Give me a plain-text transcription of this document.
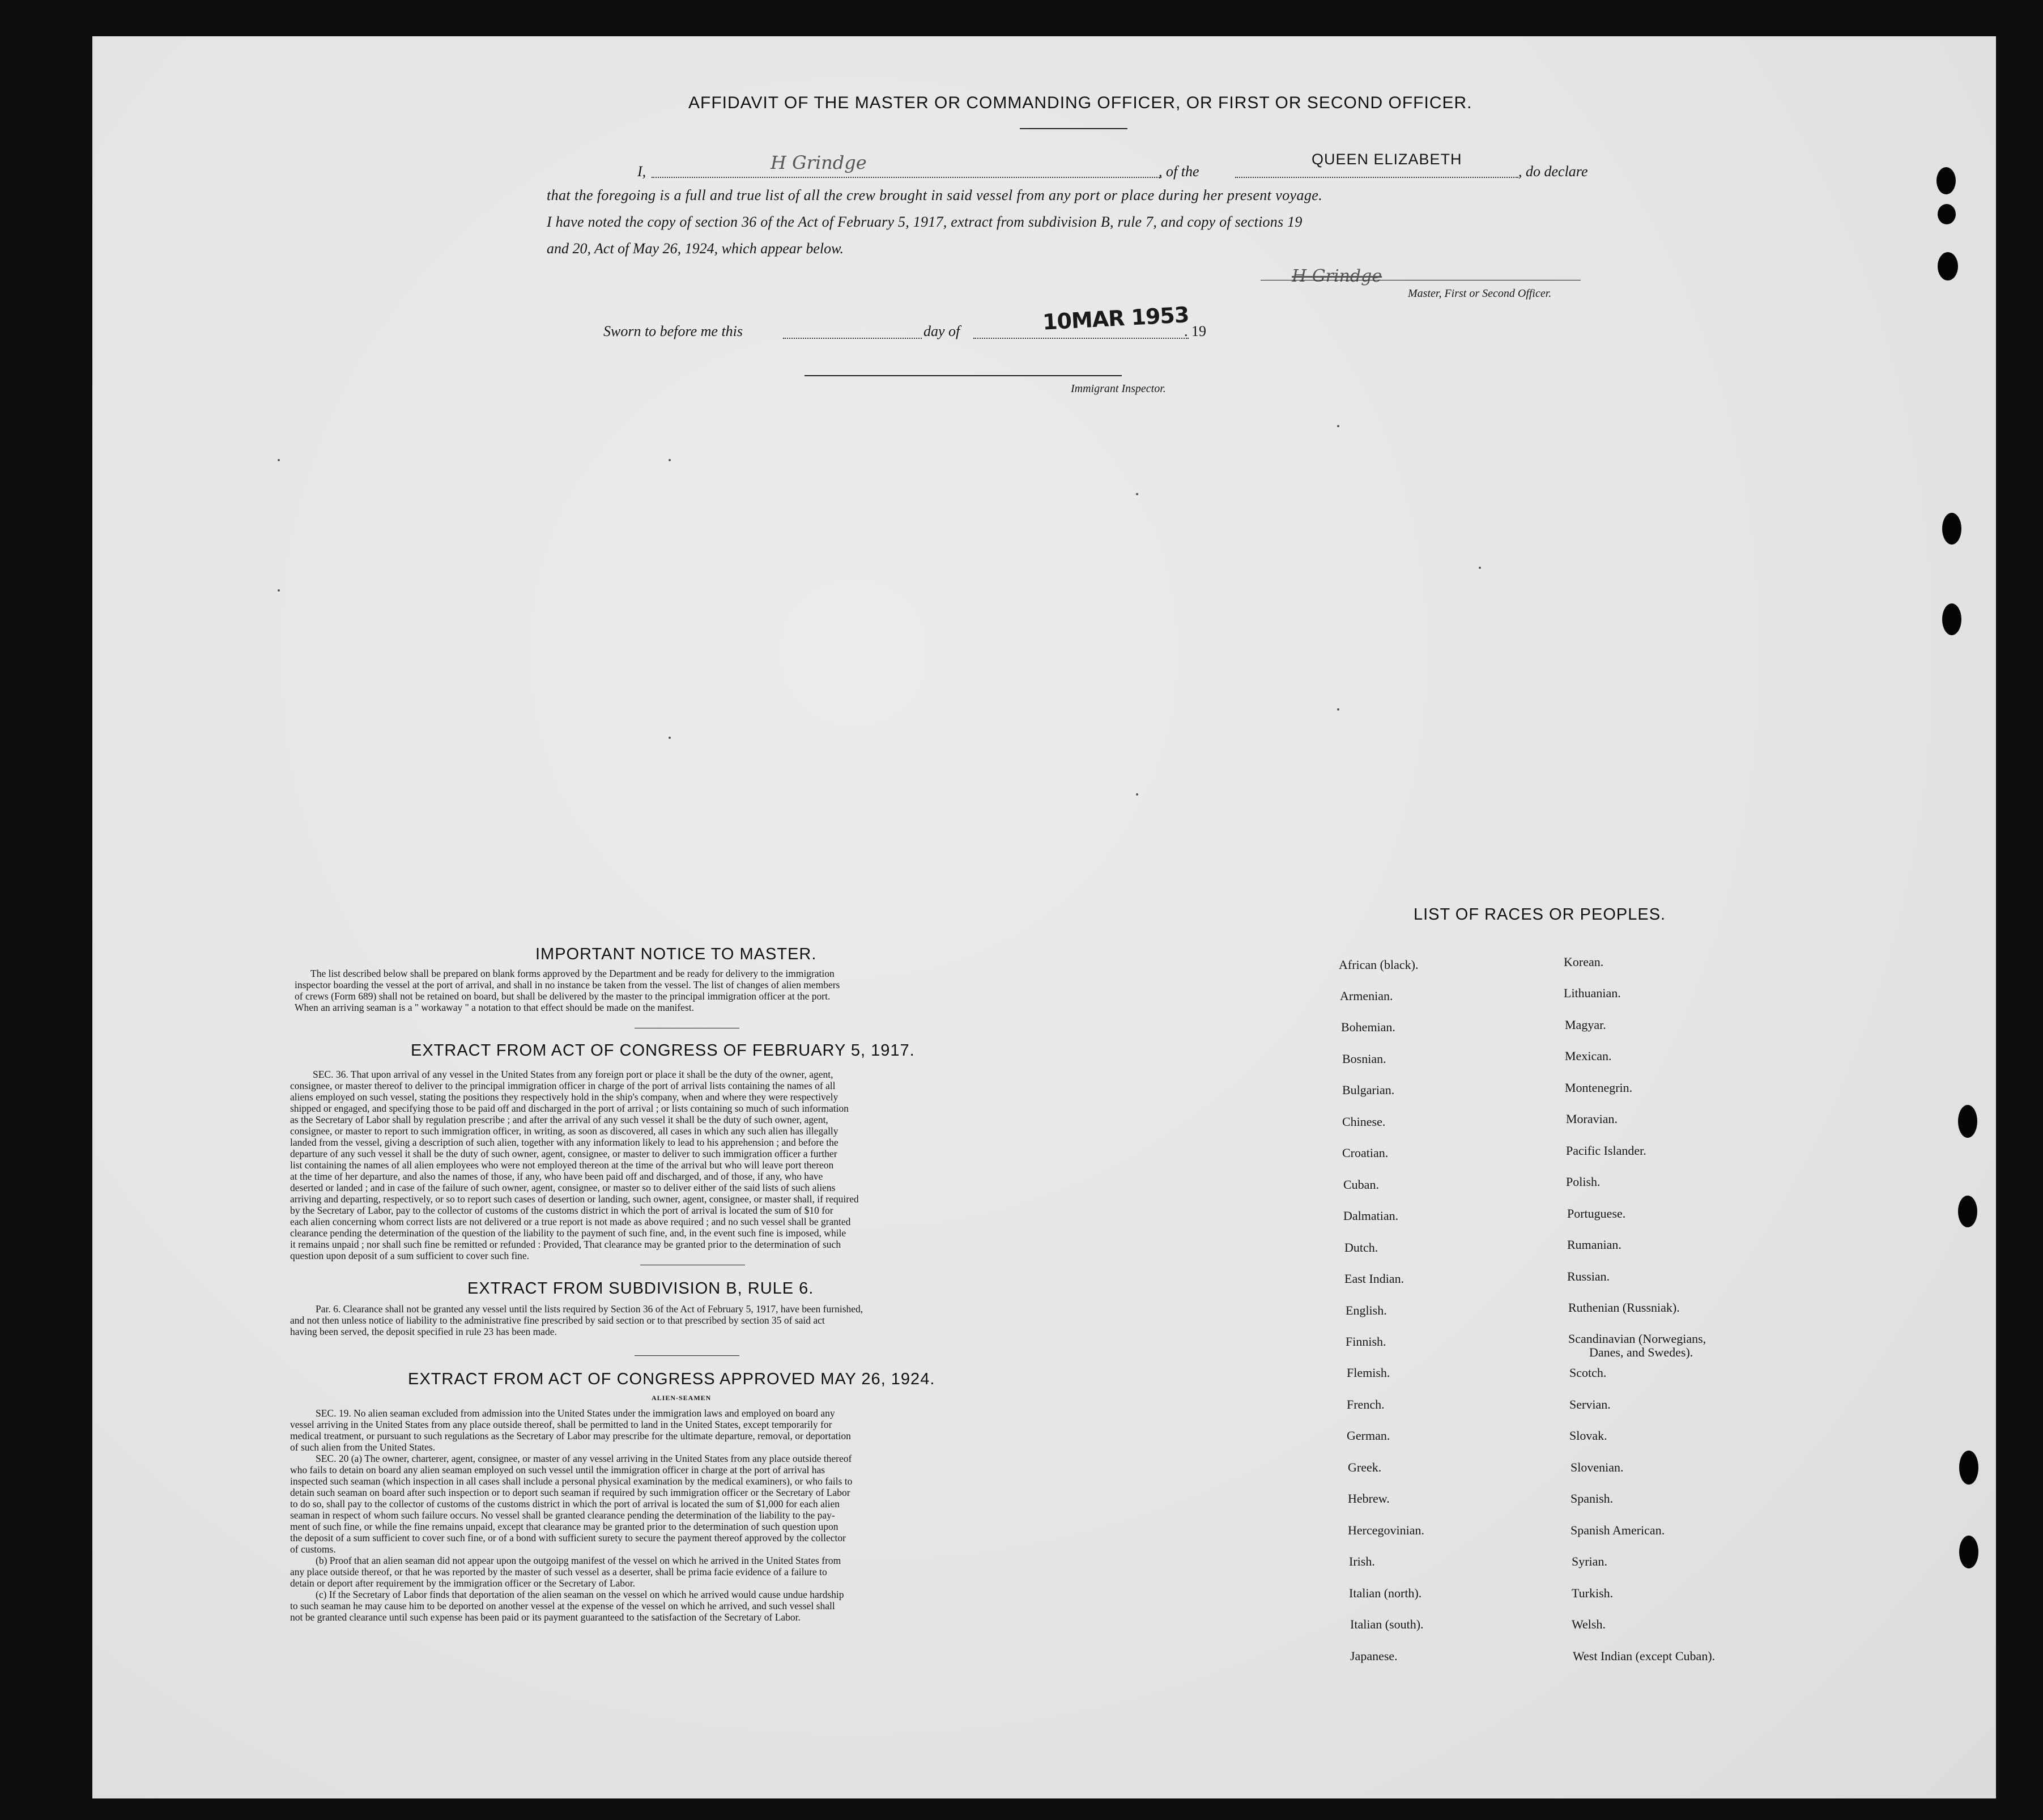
AFFIDAVIT OF THE MASTER OR COMMANDING OFFICER, OR FIRST OR SECOND OFFICER.
I,	H Grindge	, of the
QUEEN ELIZABETH
, do declare
that the foregoing is a full and true list of all the crew brought in said vessel from any port or place during her present voyage.
I have noted the copy of section 36 of the Act of February 5, 1917, extract from subdivision B, rule 7, and copy of sections 19
and 20, Act of May 26, 1924, which appear below.
H Grindge
Master, First or Second Officer.
Sworn to before me this	day of	10MAR 1953
. 19
Immigrant Inspector.
IMPORTANT NOTICE TO MASTER.
The list described below shall be prepared on blank forms approved by the Department and be ready for delivery to the immigration
inspector boarding the vessel at the port of arrival, and shall in no instance be taken from the vessel. The list of changes of alien members
of crews (Form 689) shall not be retained on board, but shall be delivered by the master to the principal immigration officer at the port.
When an arriving seaman is a " workaway " a notation to that effect should be made on the manifest.
EXTRACT FROM ACT OF CONGRESS OF FEBRUARY 5, 1917.
SEC. 36. That upon arrival of any vessel in the United States from any foreign port or place it shall be the duty of the owner, agent,
consignee, or master thereof to deliver to the principal immigration officer in charge of the port of arrival lists containing the names of all
aliens employed on such vessel, stating the positions they respectively hold in the ship's company, when and where they were respectively
shipped or engaged, and specifying those to be paid off and discharged in the port of arrival ; or lists containing so much of such information
as the Secretary of Labor shall by regulation prescribe ; and after the arrival of any such vessel it shall be the duty of such owner, agent,
consignee, or master to report to such immigration officer, in writing, as soon as discovered, all cases in which any such alien has illegally
landed from the vessel, giving a description of such alien, together with any information likely to lead to his apprehension ; and before the
departure of any such vessel it shall be the duty of such owner, agent, consignee, or master to deliver to such immigration officer a further
list containing the names of all alien employees who were not employed thereon at the time of the arrival but who will leave port thereon
at the time of her departure, and also the names of those, if any, who have been paid off and discharged, and of those, if any, who have
deserted or landed ; and in case of the failure of such owner, agent, consignee, or master so to deliver either of the said lists of such aliens
arriving and departing, respectively, or so to report such cases of desertion or landing, such owner, agent, consignee, or master shall, if required
by the Secretary of Labor, pay to the collector of customs of the customs district in which the port of arrival is located the sum of $10 for
each alien concerning whom correct lists are not delivered or a true report is not made as above required ; and no such vessel shall be granted
clearance pending the determination of the question of the liability to the payment of such fine, and, in the event such fine is imposed, while
it remains unpaid ; nor shall such fine be remitted or refunded : Provided, That clearance may be granted prior to the determination of such
question upon deposit of a sum sufficient to cover such fine.
EXTRACT FROM SUBDIVISION B, RULE 6.
Par. 6. Clearance shall not be granted any vessel until the lists required by Section 36 of the Act of February 5, 1917, have been furnished,
and not then unless notice of liability to the administrative fine prescribed by said section or to that prescribed by section 35 of said act
having been served, the deposit specified in rule 23 has been made.
EXTRACT FROM ACT OF CONGRESS APPROVED MAY 26, 1924.
ALIEN-SEAMEN
SEC. 19. No alien seaman excluded from admission into the United States under the immigration laws and employed on board any
vessel arriving in the United States from any place outside thereof, shall be permitted to land in the United States, except temporarily for
medical treatment, or pursuant to such regulations as the Secretary of Labor may prescribe for the ultimate departure, removal, or deportation
of such alien from the United States.
SEC. 20 (a) The owner, charterer, agent, consignee, or master of any vessel arriving in the United States from any place outside thereof
who fails to detain on board any alien seaman employed on such vessel until the immigration officer in charge at the port of arrival has
inspected such seaman (which inspection in all cases shall include a personal physical examination by the medical examiners), or who fails to
detain such seaman on board after such inspection or to deport such seaman if required by such immigration officer or the Secretary of Labor
to do so, shall pay to the collector of customs of the customs district in which the port of arrival is located the sum of $1,000 for each alien
seaman in respect of whom such failure occurs. No vessel shall be granted clearance pending the determination of the liability to the pay-
ment of such fine, or while the fine remains unpaid, except that clearance may be granted prior to the determination of such question upon
the deposit of a sum sufficient to cover such fine, or of a bond with sufficient surety to secure the payment thereof approved by the collector
of customs.
(b) Proof that an alien seaman did not appear upon the outgoipg manifest of the vessel on which he arrived in the United States from
any place outside thereof, or that he was reported by the master of such vessel as a deserter, shall be prima facie evidence of a failure to
detain or deport after requirement by the immigration officer or the Secretary of Labor.
(c) If the Secretary of Labor finds that deportation of the alien seaman on the vessel on which he arrived would cause undue hardship
to such seaman he may cause him to be deported on another vessel at the expense of the vessel on which he arrived, and such vessel shall
not be granted clearance until such expense has been paid or its payment guaranteed to the satisfaction of the Secretary of Labor.
LIST OF RACES OR PEOPLES.
African (black).
Armenian.
Bohemian.
Bosnian.
Bulgarian.
Chinese.
Croatian.
Cuban.
Dalmatian.
Dutch.
East Indian.
English.
Finnish.
Flemish.
French.
German.
Greek.
Hebrew.
Hercegovinian.
Irish.
Italian (north).
Italian (south).
Japanese.
Korean.
Lithuanian.
Magyar.
Mexican.
Montenegrin.
Moravian.
Pacific Islander.
Polish.
Portuguese.
Rumanian.
Russian.
Ruthenian (Russniak).
Scandinavian (Norwegians,
Danes, and Swedes).
Scotch.
Servian.
Slovak.
Slovenian.
Spanish.
Spanish American.
Syrian.
Turkish.
Welsh.
West Indian (except Cuban).
